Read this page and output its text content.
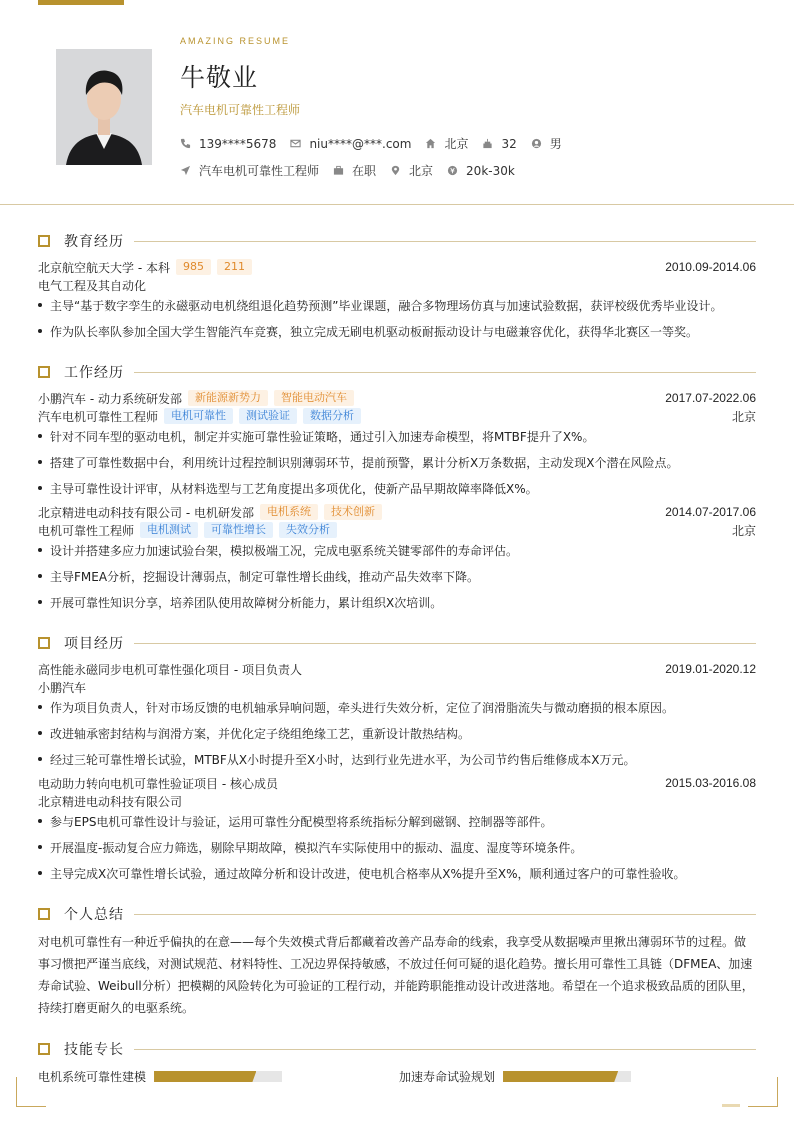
AMAZING RESUME
牛敬业
汽车电机可靠性工程师
139****5678	niu****@***.com	北京	32	男
汽车电机可靠性工程师	在职	北京	20k-30k
教育经历
北京航空航天大学 - 本科	985	211	2010.09-2014.06
电气工程及其自动化
主导“基于数字孪生的永磁驱动电机绕组退化趋势预测”毕业课题，融合多物理场仿真与加速试验数据，获评校级优秀毕业设计。
作为队长率队参加全国大学生智能汽车竞赛，独立完成无刷电机驱动板耐振动设计与电磁兼容优化，获得华北赛区一等奖。
工作经历
小鹏汽车 - 动力系统研发部	新能源新势力	智能电动汽车	2017.07-2022.06
汽车电机可靠性工程师	电机可靠性	测试验证	数据分析	北京
针对不同车型的驱动电机，制定并实施可靠性验证策略，通过引入加速寿命模型，将MTBF提升了X%。
搭建了可靠性数据中台，利用统计过程控制识别薄弱环节，提前预警，累计分析X万条数据，主动发现X个潜在风险点。
主导可靠性设计评审，从材料选型与工艺角度提出多项优化，使新产品早期故障率降低X%。
北京精进电动科技有限公司 - 电机研发部	电机系统	技术创新	2014.07-2017.06
电机可靠性工程师	电机测试	可靠性增长	失效分析	北京
设计并搭建多应力加速试验台架，模拟极端工况，完成电驱系统关键零部件的寿命评估。
主导FMEA分析，挖掘设计薄弱点，制定可靠性增长曲线，推动产品失效率下降。
开展可靠性知识分享，培养团队使用故障树分析能力，累计组织X次培训。
项目经历
高性能永磁同步电机可靠性强化项目 - 项目负责人	2019.01-2020.12
小鹏汽车
作为项目负责人，针对市场反馈的电机轴承异响问题，牵头进行失效分析，定位了润滑脂流失与微动磨损的根本原因。
改进轴承密封结构与润滑方案，并优化定子绕组绝缘工艺，重新设计散热结构。
经过三轮可靠性增长试验，MTBF从X小时提升至X小时，达到行业先进水平，为公司节约售后维修成本X万元。
电动助力转向电机可靠性验证项目 - 核心成员	2015.03-2016.08
北京精进电动科技有限公司
参与EPS电机可靠性设计与验证，运用可靠性分配模型将系统指标分解到磁钢、控制器等部件。
开展温度-振动复合应力筛选，剔除早期故障，模拟汽车实际使用中的振动、温度、湿度等环境条件。
主导完成X次可靠性增长试验，通过故障分析和设计改进，使电机合格率从X%提升至X%，顺利通过客户的可靠性验收。
个人总结
对电机可靠性有一种近乎偏执的在意——每个失效模式背后都藏着改善产品寿命的线索，我享受从数据噪声里揪出薄弱环节的过程。做事习惯把严谨当底线，对测试规范、材料特性、工况边界保持敏感，不放过任何可疑的退化趋势。擅长用可靠性工具链（DFMEA、加速寿命试验、Weibull分析）把模糊的风险转化为可验证的工程行动，并能跨职能推动设计改进落地。希望在一个追求极致品质的团队里，持续打磨更耐久的电驱系统。
技能专长
电机系统可靠性建模	加速寿命试验规划
